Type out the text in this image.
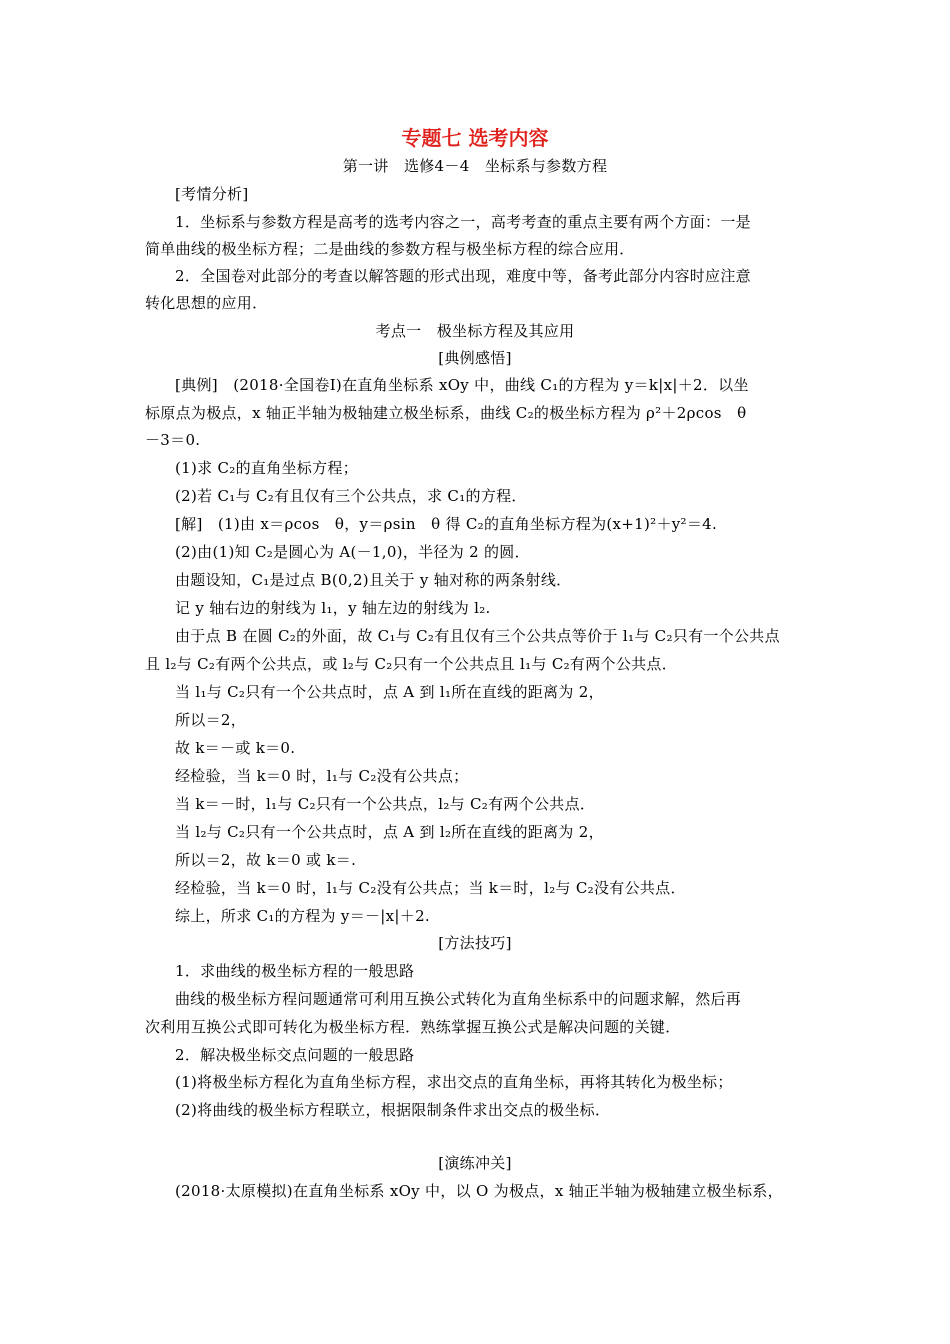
专题七 选考内容
第一讲　选修4－4　坐标系与参数方程
[考情分析]
1．坐标系与参数方程是高考的选考内容之一，高考考查的重点主要有两个方面：一是
简单曲线的极坐标方程；二是曲线的参数方程与极坐标方程的综合应用．
2．全国卷对此部分的考查以解答题的形式出现，难度中等，备考此部分内容时应注意
转化思想的应用．
考点一　极坐标方程及其应用
[典例感悟]
[典例]　(2018·全国卷Ⅰ)在直角坐标系 xOy 中，曲线 C₁的方程为 y＝k|x|＋2．以坐
标原点为极点，x 轴正半轴为极轴建立极坐标系，曲线 C₂的极坐标方程为 ρ²＋2ρcos　θ
－3＝0.
(1)求 C₂的直角坐标方程；
(2)若 C₁与 C₂有且仅有三个公共点，求 C₁的方程．
[解]　(1)由 x＝ρcos　θ，y＝ρsin　θ 得 C₂的直角坐标方程为(x+1)²＋y²＝4.
(2)由(1)知 C₂是圆心为 A(－1,0)，半径为 2 的圆．
由题设知，C₁是过点 B(0,2)且关于 y 轴对称的两条射线．
记 y 轴右边的射线为 l₁，y 轴左边的射线为 l₂.
由于点 B 在圆 C₂的外面，故 C₁与 C₂有且仅有三个公共点等价于 l₁与 C₂只有一个公共点
且 l₂与 C₂有两个公共点，或 l₂与 C₂只有一个公共点且 l₁与 C₂有两个公共点．
当 l₁与 C₂只有一个公共点时，点 A 到 l₁所在直线的距离为 2，
所以＝2，
故 k＝－或 k＝0.
经检验，当 k＝0 时，l₁与 C₂没有公共点；
当 k＝－时，l₁与 C₂只有一个公共点，l₂与 C₂有两个公共点．
当 l₂与 C₂只有一个公共点时，点 A 到 l₂所在直线的距离为 2，
所以＝2，故 k＝0 或 k＝.
经检验，当 k＝0 时，l₁与 C₂没有公共点；当 k＝时，l₂与 C₂没有公共点．
综上，所求 C₁的方程为 y＝－|x|＋2.
[方法技巧]
1．求曲线的极坐标方程的一般思路
曲线的极坐标方程问题通常可利用互换公式转化为直角坐标系中的问题求解，然后再
次利用互换公式即可转化为极坐标方程．熟练掌握互换公式是解决问题的关键．
2．解决极坐标交点问题的一般思路
(1)将极坐标方程化为直角坐标方程，求出交点的直角坐标，再将其转化为极坐标；
(2)将曲线的极坐标方程联立，根据限制条件求出交点的极坐标．
[演练冲关]
(2018·太原模拟)在直角坐标系 xOy 中，以 O 为极点，x 轴正半轴为极轴建立极坐标系，
